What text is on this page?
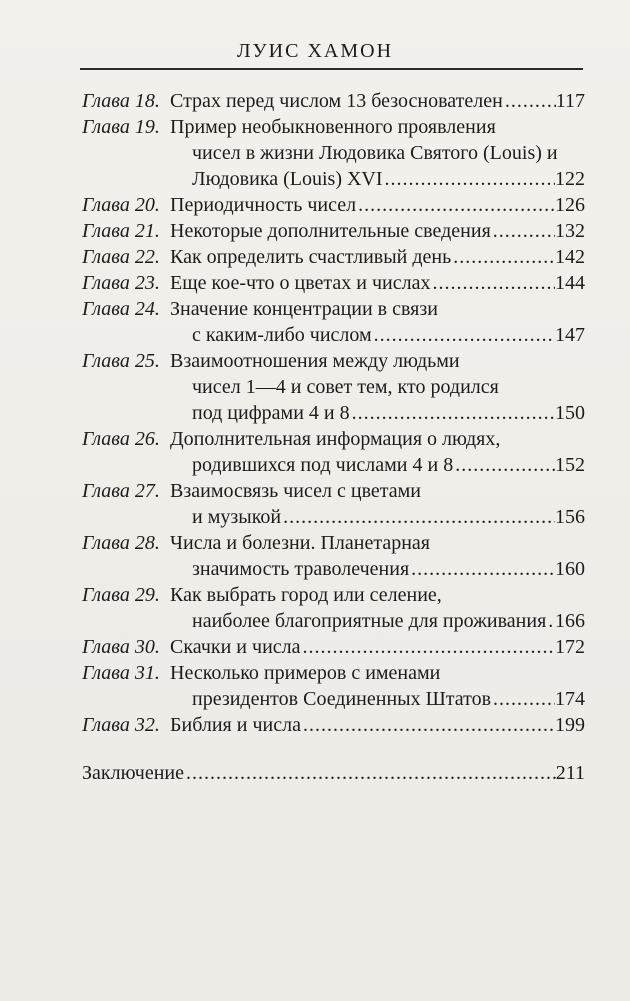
ЛУИС ХАМОН
Глава 18. Страх перед числом 13 безоснователен .....	117
Глава 19. Пример необыкновенного проявления
чисел в жизни Людовика Святого (Louis) и
Людовика (Louis) XVI .....	122
Глава 20. Периодичность чисел .....	126
Глава 21. Некоторые дополнительные сведения .....	132
Глава 22. Как определить счастливый день .....	142
Глава 23. Еще кое-что о цветах и числах .....	144
Глава 24. Значение концентрации в связи
с каким-либо числом .....	147
Глава 25. Взаимоотношения между людьми
чисел 1—4 и совет тем, кто родился
под цифрами 4 и 8 .....	150
Глава 26. Дополнительная информация о людях,
родившихся под числами 4 и 8 .....	152
Глава 27. Взаимосвязь чисел с цветами
и музыкой .....	156
Глава 28. Числа и болезни. Планетарная
значимость траволечения .....	160
Глава 29. Как выбрать город или селение,
наиболее благоприятные для проживания ..... 166
Глава 30. Скачки и числа .....	172
Глава 31. Несколько примеров с именами
президентов Соединенных Штатов .....	174
Глава 32. Библия и числа .....	199
Заключение .....	211
